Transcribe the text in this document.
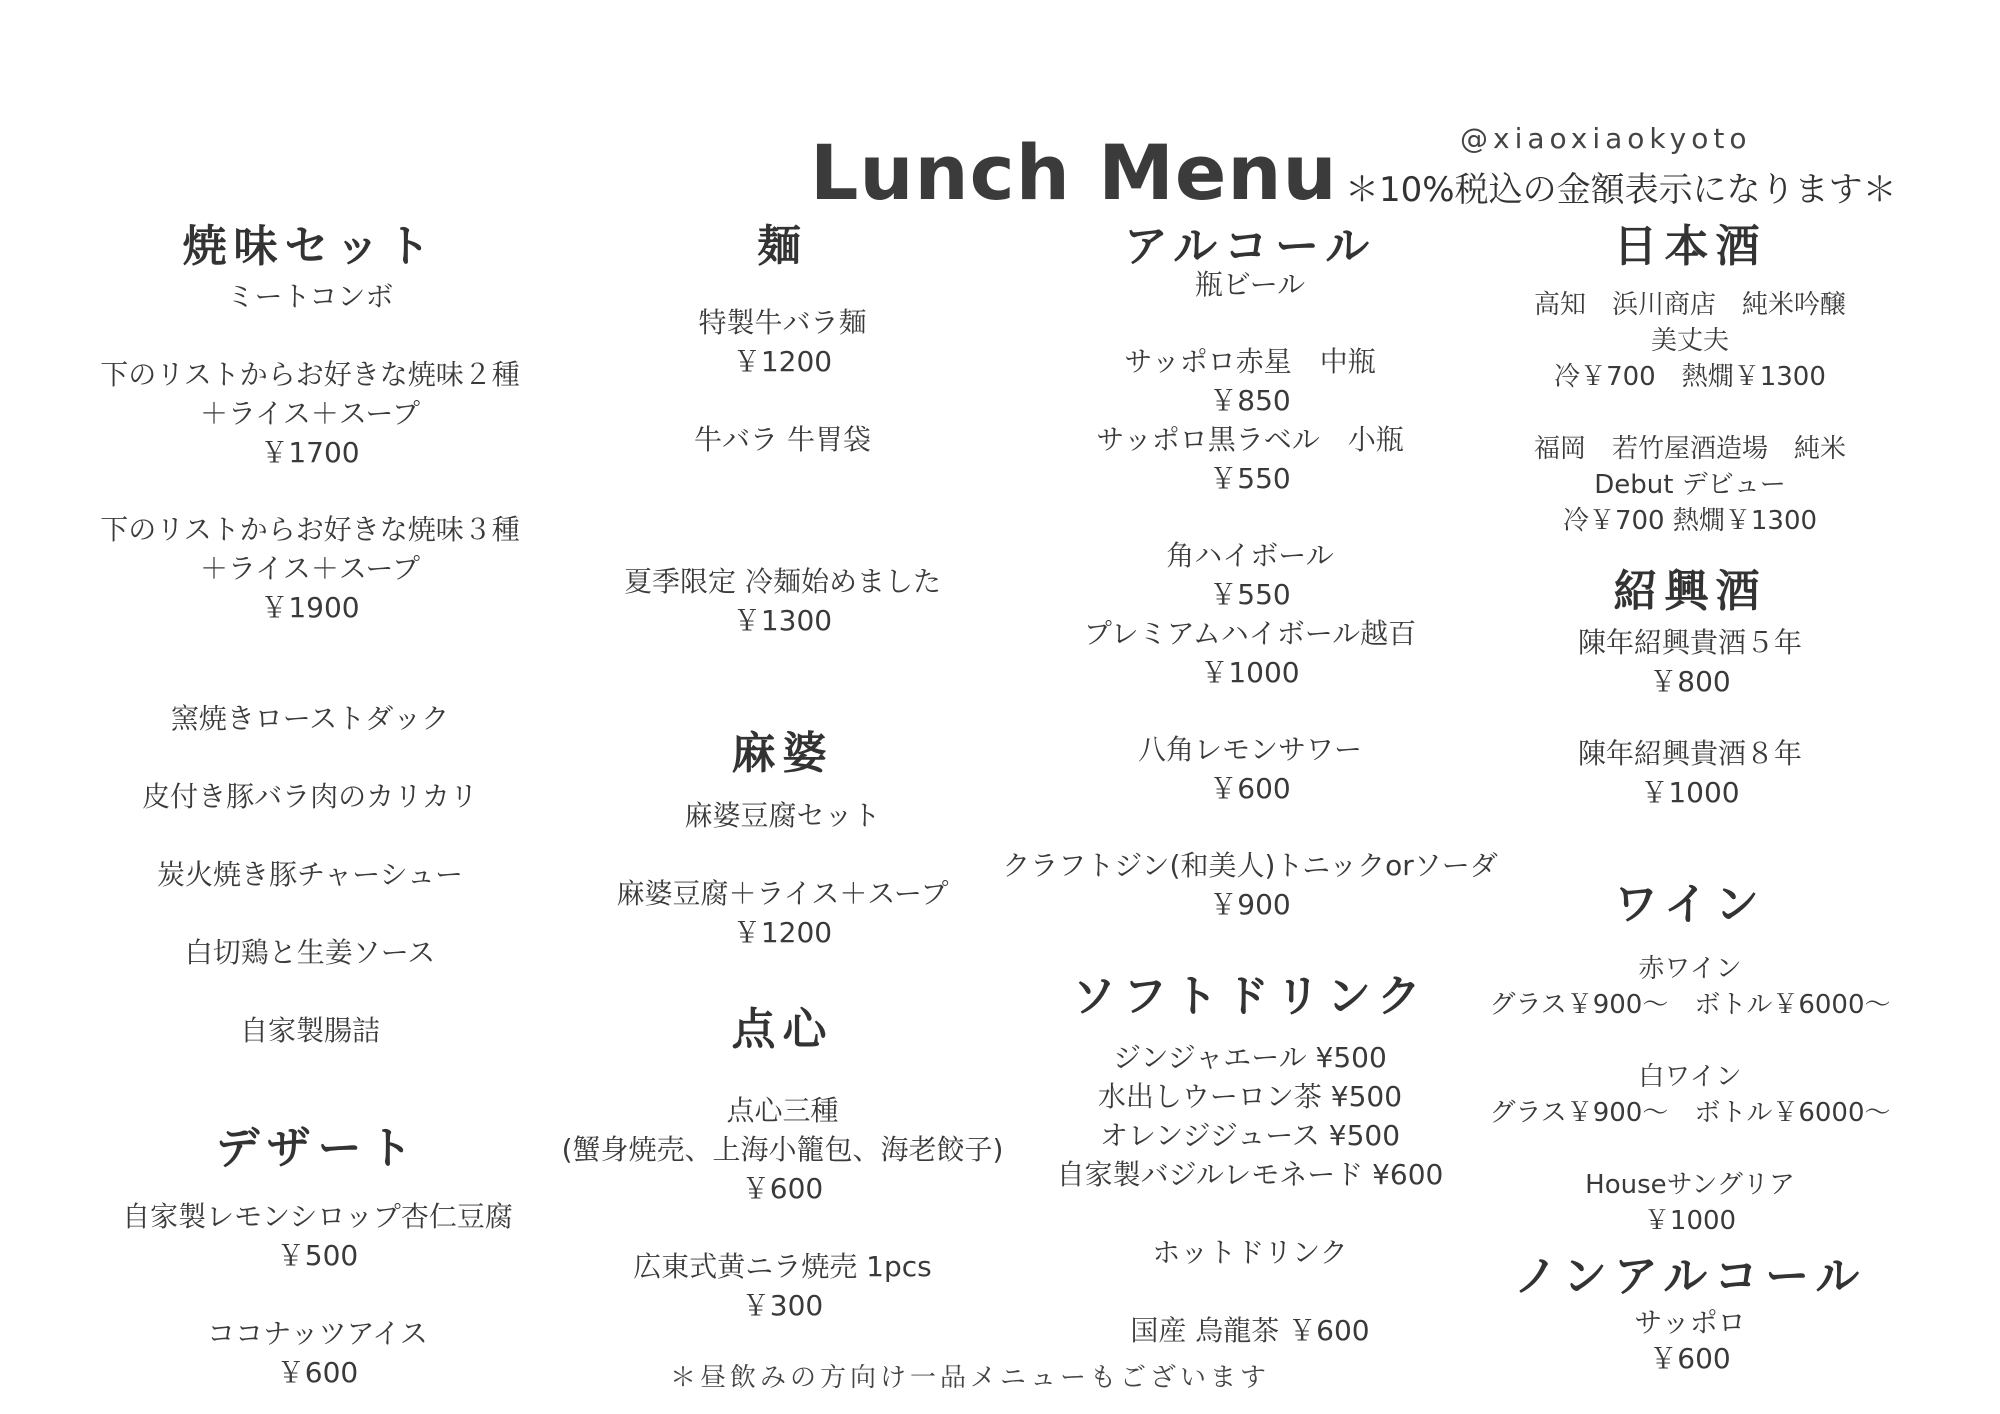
Lunch Menu	@xiaoxiaokyoto
＊10%税込の金額表示になります＊
焼味セット
ミートコンボ
下のリストからお好きな焼味２種
＋ライス＋スープ
￥1700
下のリストからお好きな焼味３種
＋ライス＋スープ
￥1900
窯焼きローストダック
皮付き豚バラ肉のカリカリ
炭火焼き豚チャーシュー
白切鶏と生姜ソース
自家製腸詰
デザート
自家製レモンシロップ杏仁豆腐
￥500
ココナッツアイス
￥600
麺
特製牛バラ麺
￥1200
牛バラ 牛胃袋
夏季限定 冷麺始めました
￥1300
麻婆
麻婆豆腐セット
麻婆豆腐＋ライス＋スープ
￥1200
点心
点心三種
(蟹身焼売、上海小籠包、海老餃子)
￥600
広東式黄ニラ焼売 1pcs
￥300
アルコール
瓶ビール
サッポロ赤星　中瓶
￥850
サッポロ黒ラベル　小瓶
￥550
角ハイボール
￥550
プレミアムハイボール越百
￥1000
八角レモンサワー
￥600
クラフトジン(和美人)トニックorソーダ
￥900
ソフトドリンク
ジンジャエール ¥500
水出しウーロン茶 ¥500
オレンジジュース ¥500
自家製バジルレモネード ¥600
ホットドリンク
国産 烏龍茶 ￥600
日本酒
高知　浜川商店　純米吟醸
美丈夫
冷￥700　熱燗￥1300
福岡　若竹屋酒造場　純米
Debut デビュー
冷￥700 熱燗￥1300
紹興酒
陳年紹興貴酒５年
￥800
陳年紹興貴酒８年
￥1000
ワイン
赤ワイン
グラス￥900～　ボトル￥6000～
白ワイン
グラス￥900～　ボトル￥6000～
Houseサングリア
￥1000
ノンアルコール
サッポロ
￥600
＊昼飲みの方向け一品メニューもございます
